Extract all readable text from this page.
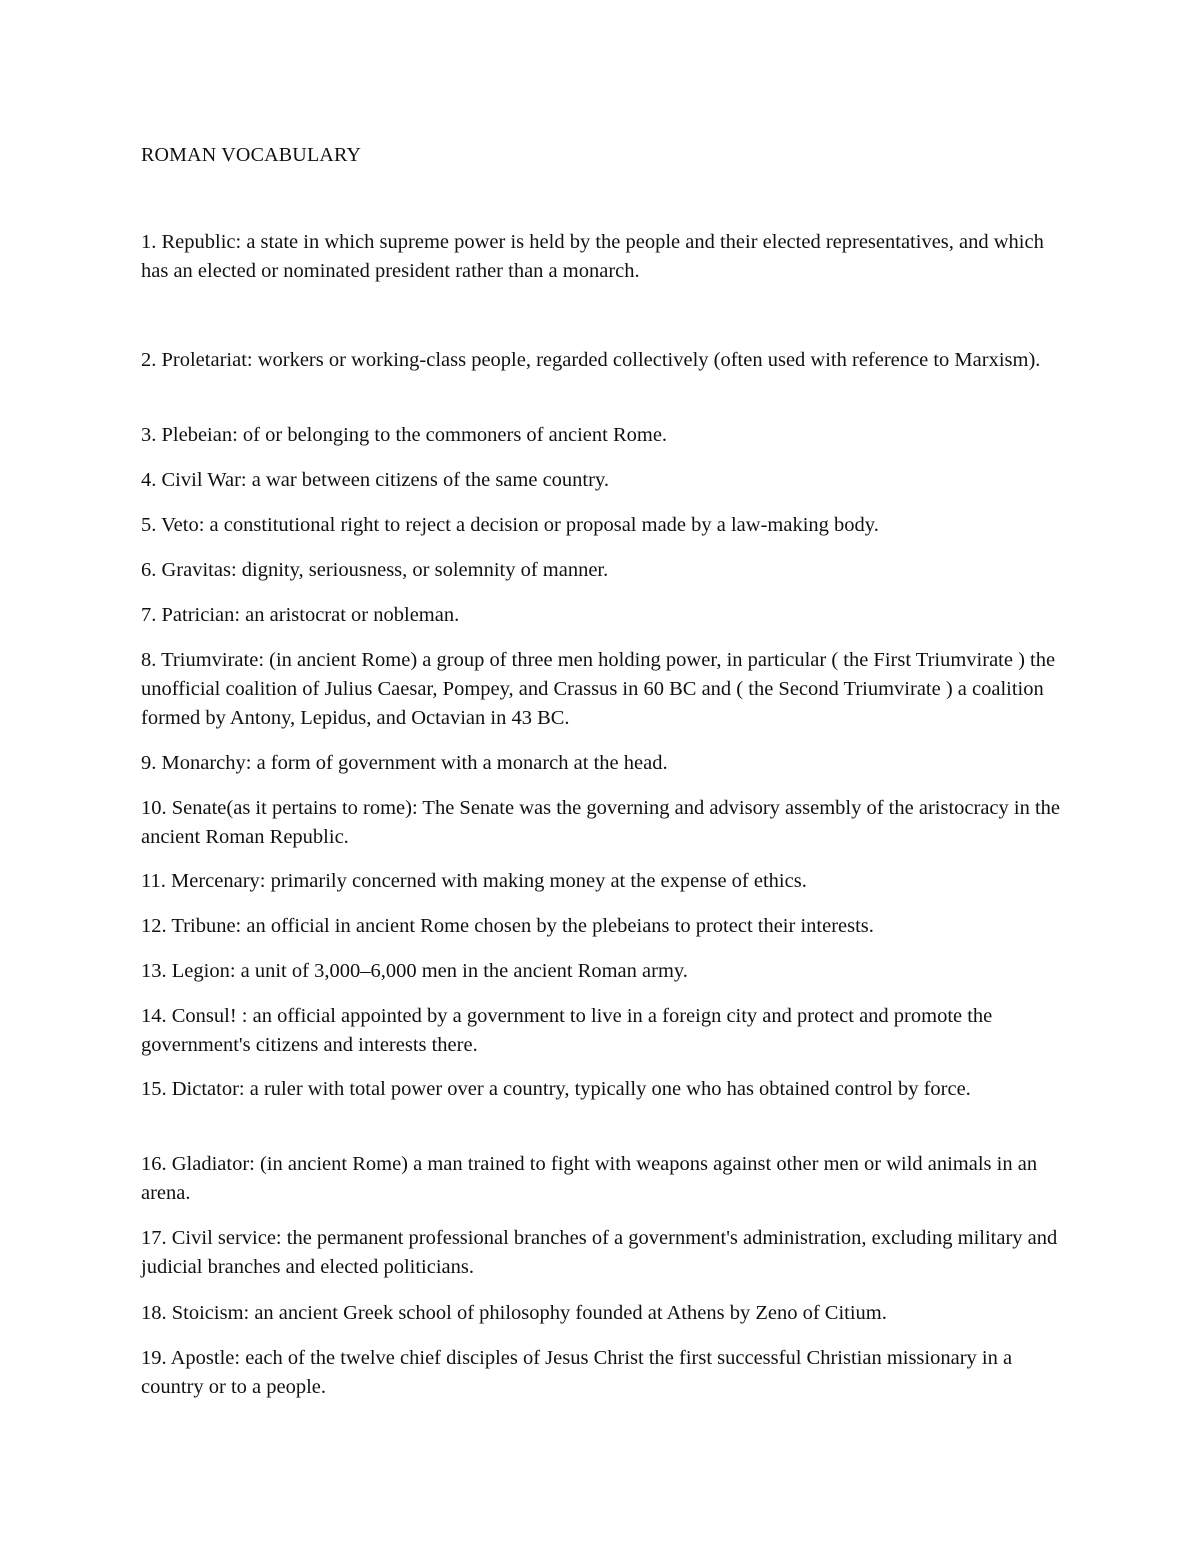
ROMAN VOCABULARY

1. Republic: a state in which supreme power is held by the people and their elected representatives, and which has an elected or nominated president rather than a monarch.

2. Proletariat: workers or working-class people, regarded collectively (often used with reference to Marxism).

3. Plebeian: of or belonging to the commoners of ancient Rome.

4. Civil War: a war between citizens of the same country.

5. Veto: a constitutional right to reject a decision or proposal made by a law-making body.

6. Gravitas: dignity, seriousness, or solemnity of manner.

7. Patrician: an aristocrat or nobleman.

8. Triumvirate: (in ancient Rome) a group of three men holding power, in particular ( the First Triumvirate ) the unofficial coalition of Julius Caesar, Pompey, and Crassus in 60 BC and ( the Second Triumvirate ) a coalition formed by Antony, Lepidus, and Octavian in 43 BC.

9. Monarchy: a form of government with a monarch at the head.

10. Senate(as it pertains to rome): The Senate was the governing and advisory assembly of the aristocracy in the ancient Roman Republic.

11. Mercenary: primarily concerned with making money at the expense of ethics.

12. Tribune: an official in ancient Rome chosen by the plebeians to protect their interests.

13. Legion: a unit of 3,000–6,000 men in the ancient Roman army.

14. Consul! : an official appointed by a government to live in a foreign city and protect and promote the government's citizens and interests there.

15. Dictator: a ruler with total power over a country, typically one who has obtained control by force.

16. Gladiator: (in ancient Rome) a man trained to fight with weapons against other men or wild animals in an arena.

17. Civil service: the permanent professional branches of a government's administration, excluding military and judicial branches and elected politicians.

18. Stoicism: an ancient Greek school of philosophy founded at Athens by Zeno of Citium.

19. Apostle: each of the twelve chief disciples of Jesus Christ the first successful Christian missionary in a country or to a people.
